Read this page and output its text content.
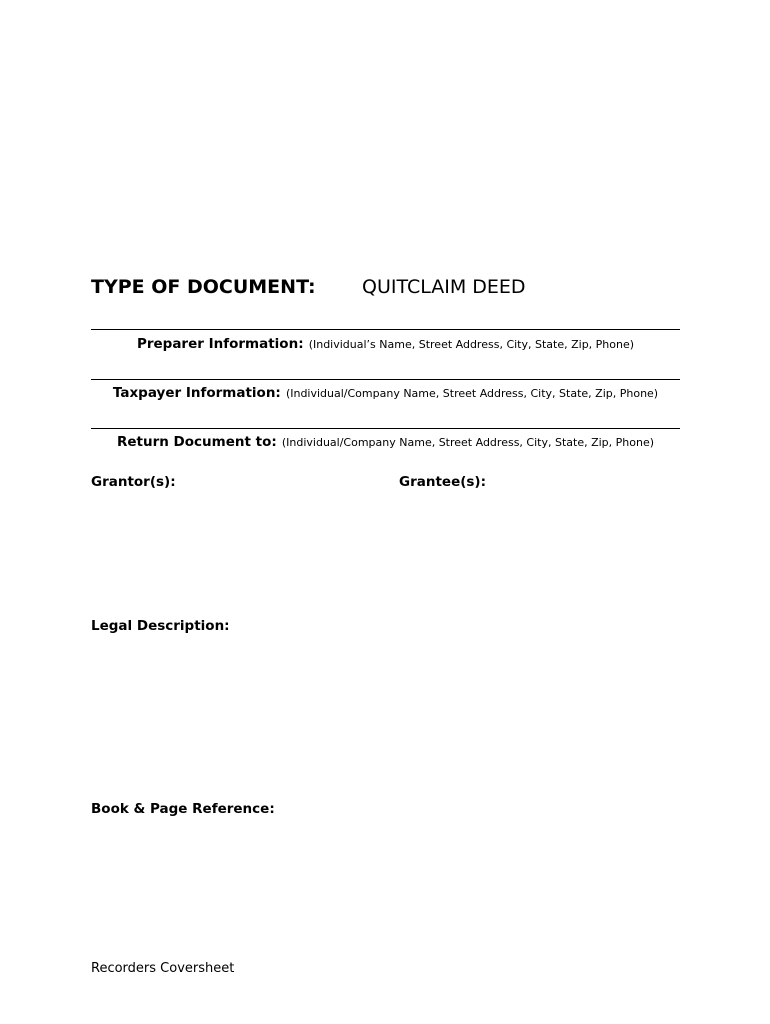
TYPE OF DOCUMENT: QUITCLAIM DEED
Preparer Information: (Individual’s Name, Street Address, City, State, Zip, Phone)
Taxpayer Information: (Individual/Company Name, Street Address, City, State, Zip, Phone)
Return Document to: (Individual/Company Name, Street Address, City, State, Zip, Phone)
Grantor(s):	Grantee(s):
Legal Description:
Book & Page Reference:
Recorders Coversheet
